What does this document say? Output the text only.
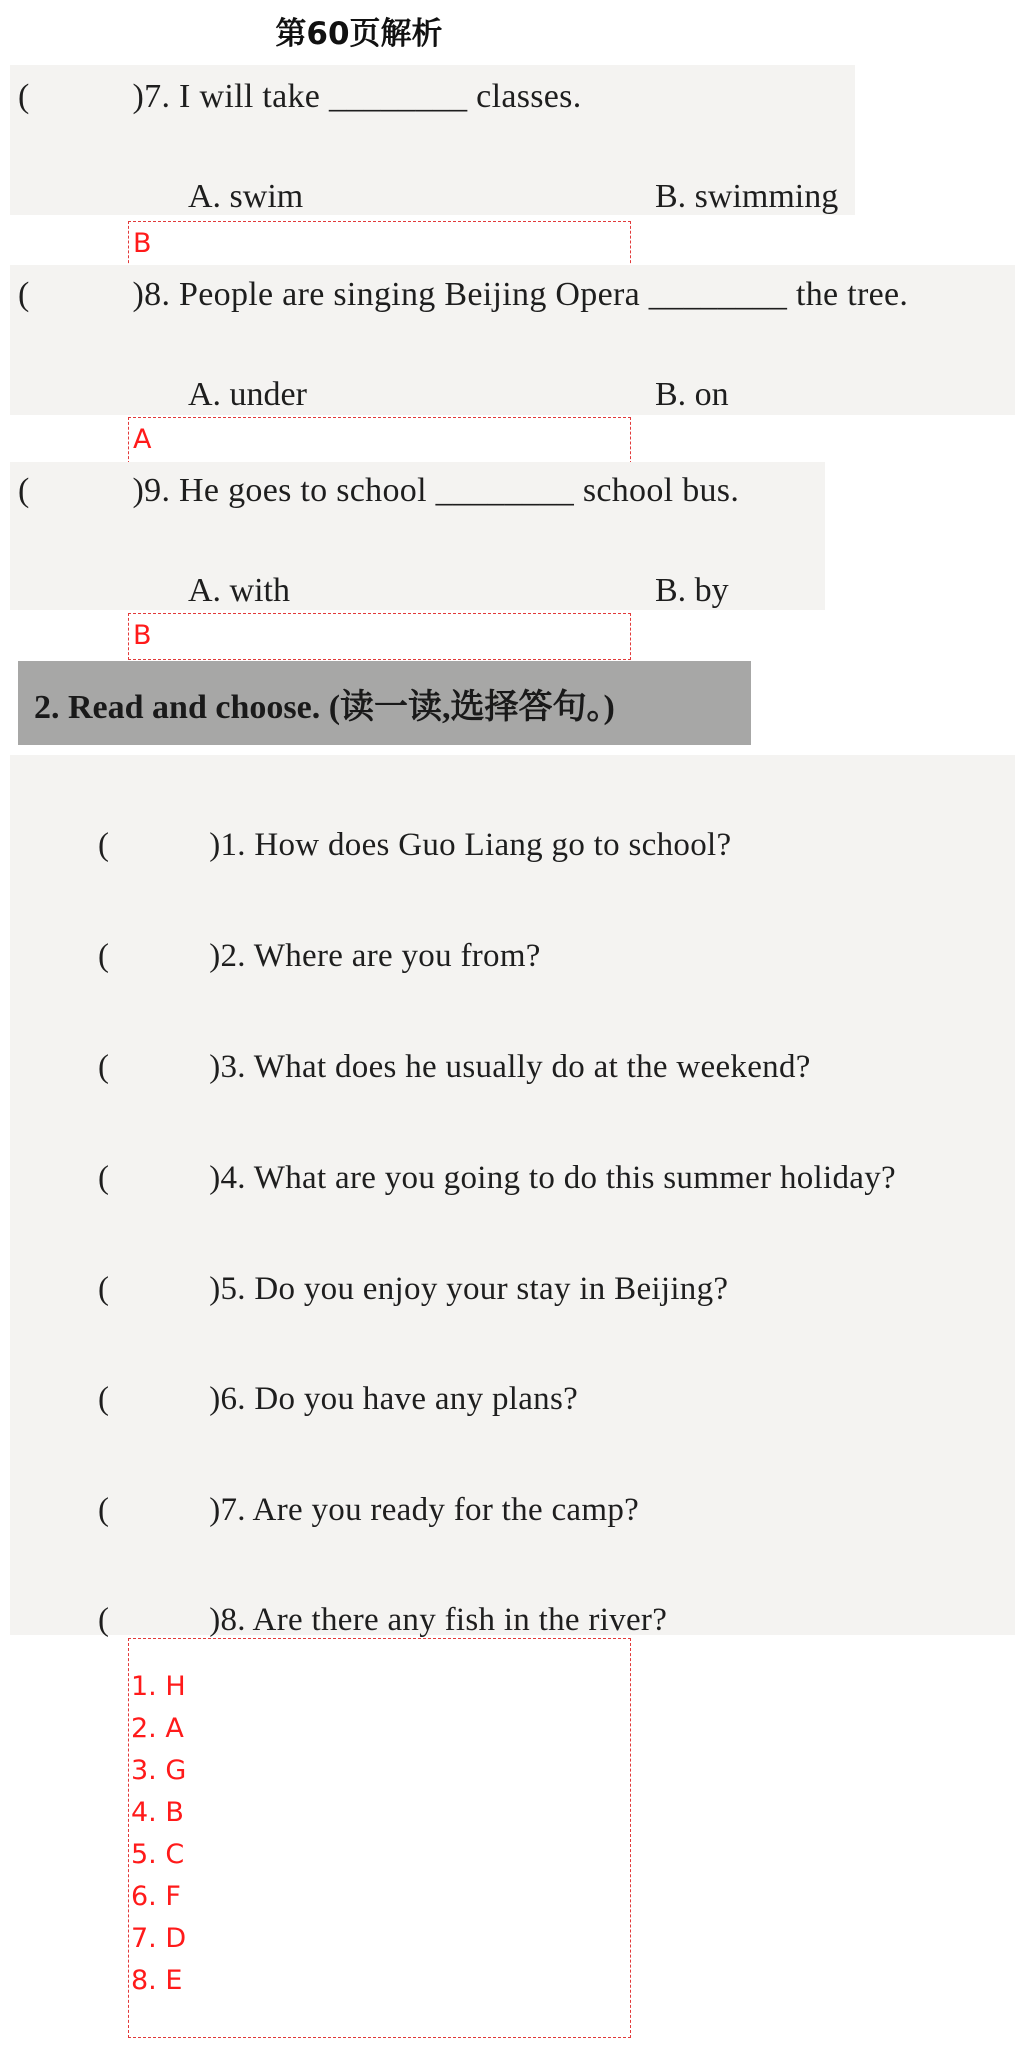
第60页解析
(　　　)7. I will take ________ classes.
A. swim	B. swimming
B
(　　　)8. People are singing Beijing Opera ________ the tree.
A. under	B. on
A
(　　　)9. He goes to school ________ school bus.
A. with	B. by
B
2. Read and choose. (读一读,选择答句。)
(　　　)1. How does Guo Liang go to school?
(　　　)2. Where are you from?
(　　　)3. What does he usually do at the weekend?
(　　　)4. What are you going to do this summer holiday?
(　　　)5. Do you enjoy your stay in Beijing?
(　　　)6. Do you have any plans?
(　　　)7. Are you ready for the camp?
(　　　)8. Are there any fish in the river?
1. H
2. A
3. G
4. B
5. C
6. F
7. D
8. E
